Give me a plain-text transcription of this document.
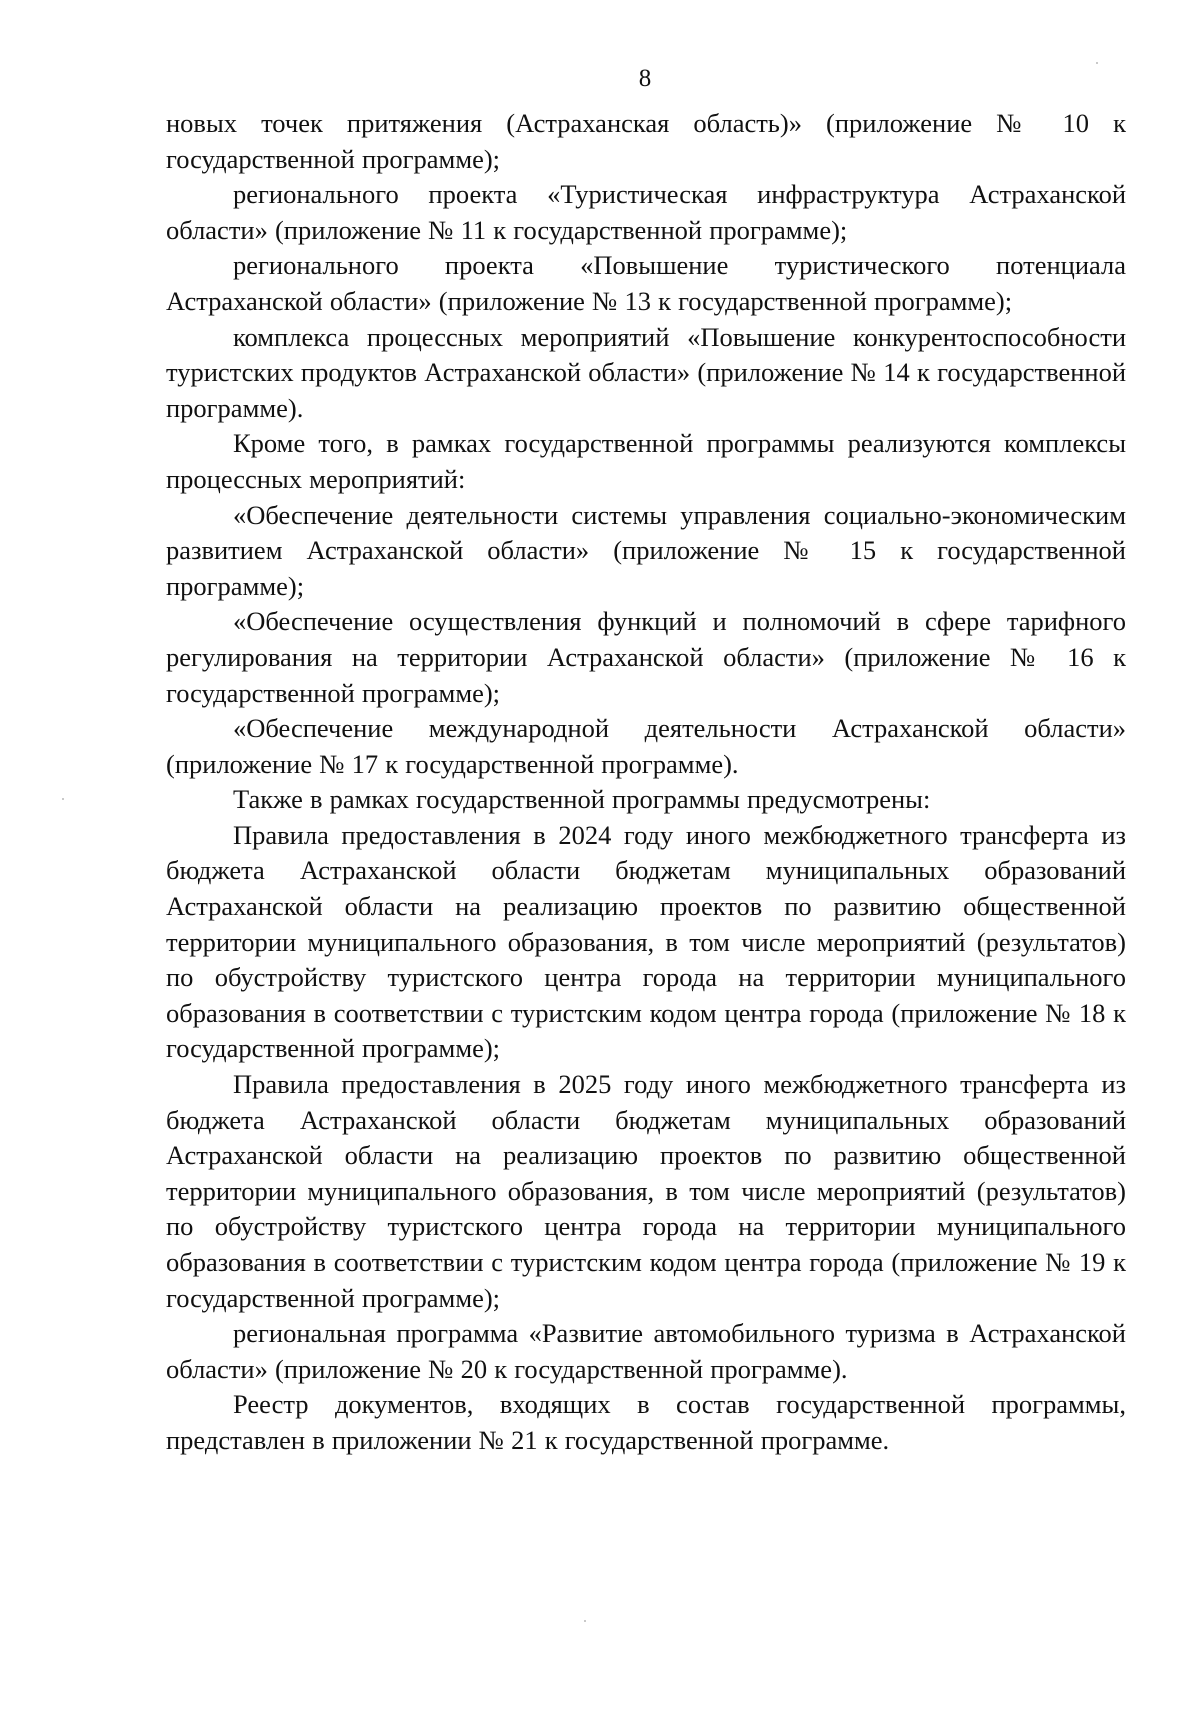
8

новых точек притяжения (Астраханская область)» (приложение № 10 к государственной программе);

регионального проекта «Туристическая инфраструктура Астраханской области» (приложение № 11 к государственной программе);

регионального проекта «Повышение туристического потенциала Астраханской области» (приложение № 13 к государственной программе);

комплекса процессных мероприятий «Повышение конкурентоспособности туристских продуктов Астраханской области» (приложение № 14 к государственной программе).

Кроме того, в рамках государственной программы реализуются комплексы процессных мероприятий:

«Обеспечение деятельности системы управления социально-экономическим развитием Астраханской области» (приложение № 15 к государственной программе);

«Обеспечение осуществления функций и полномочий в сфере тарифного регулирования на территории Астраханской области» (приложение № 16 к государственной программе);

«Обеспечение международной деятельности Астраханской области» (приложение № 17 к государственной программе).

Также в рамках государственной программы предусмотрены:

Правила предоставления в 2024 году иного межбюджетного трансферта из бюджета Астраханской области бюджетам муниципальных образований Астраханской области на реализацию проектов по развитию общественной территории муниципального образования, в том числе мероприятий (результатов) по обустройству туристского центра города на территории муниципального образования в соответствии с туристским кодом центра города (приложение № 18 к государственной программе);

Правила предоставления в 2025 году иного межбюджетного трансферта из бюджета Астраханской области бюджетам муниципальных образований Астраханской области на реализацию проектов по развитию общественной территории муниципального образования, в том числе мероприятий (результатов) по обустройству туристского центра города на территории муниципального образования в соответствии с туристским кодом центра города (приложение № 19 к государственной программе);

региональная программа «Развитие автомобильного туризма в Астраханской области» (приложение № 20 к государственной программе).

Реестр документов, входящих в состав государственной программы, представлен в приложении № 21 к государственной программе.
